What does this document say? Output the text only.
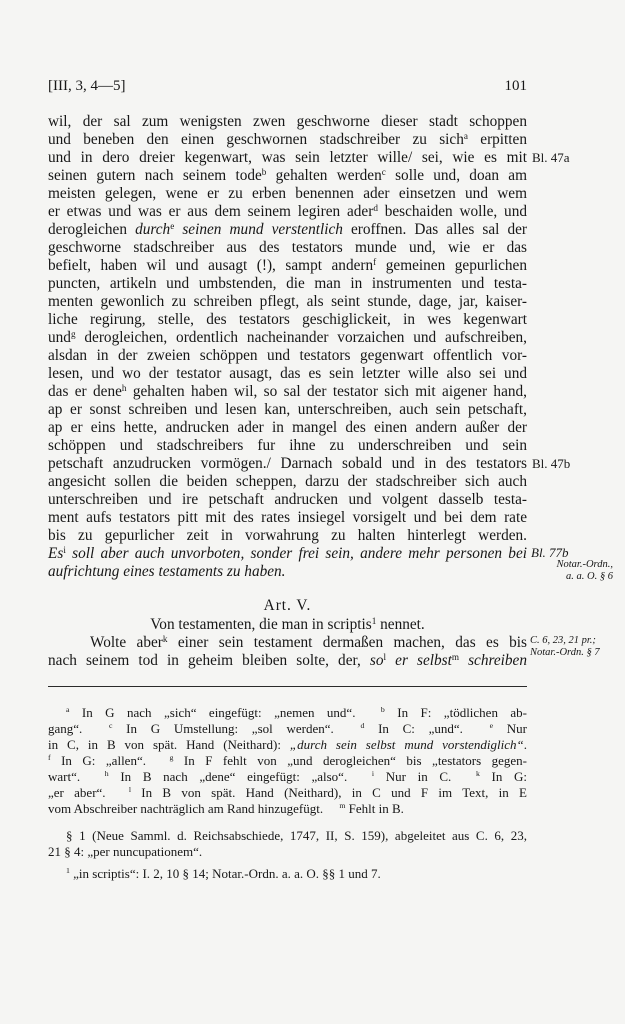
[III, 3, 4—5]	101
wil, der sal zum wenigsten zwen geschworne dieser stadt schoppen
und beneben den einen geschwornen stadschreiber zu sich$^a$ erpitten
und in dero dreier kegenwart, was sein letzter wille/ sei, wie es mit
seinen gutern nach seinem tode$^b$ gehalten werden$^c$ solle und, doan am
meisten gelegen, wene er zu erben benennen ader einsetzen und wem
er etwas und was er aus dem seinem legiren ader$^d$ beschaiden wolle, und
derogleichen durch$^e$ seinen mund verstentlich eroffnen. Das alles sal der
geschworne stadschreiber aus des testators munde und, wie er das
befielt, haben wil und ausagt (!), sampt andern$^f$ gemeinen gepurlichen
puncten, artikeln und umbstenden, die man in instrumenten und testa-
menten gewonlich zu schreiben pflegt, als seint stunde, dage, jar, kaiser-
liche regirung, stelle, des testators geschiglickeit, in wes kegenwart
und$^g$ derogleichen, ordentlich nacheinander vorzaichen und aufschreiben,
alsdan in der zweien schöppen und testators gegenwart offentlich vor-
lesen, und wo der testator ausagt, das es sein letzter wille also sei und
das er dene$^h$ gehalten haben wil, so sal der testator sich mit aigener hand,
ap er sonst schreiben und lesen kan, unterschreiben, auch sein petschaft,
ap er eins hette, andrucken ader in mangel des einen andern außer der
schöppen und stadschreibers fur ihne zu underschreiben und sein
petschaft anzudrucken vormögen./ Darnach sobald und in des testators
angesicht sollen die beiden scheppen, darzu der stadschreiber sich auch
unterschreiben und ire petschaft andrucken und volgent dasselb testa-
ment aufs testators pitt mit des rates insiegel vorsigelt und bei dem rate
bis zu gepurlicher zeit in vorwahrung zu halten hinterlegt werden.
Es$^i$ soll aber auch unvorboten, sonder frei sein, andere mehr personen bei
aufrichtung eines testaments zu haben.
Art. V.
Von testamenten, die man in scriptis$^1$ nennet.
Wolte aber$^k$ einer sein testament dermaßen machen, das es bis
nach seinem tod in geheim bleiben solte, der, so$^l$ er selbst$^m$ schreiben
Bl. 47a
Bl. 47b
Bl. 77b
Notar.-Ordn.,
a. a. O. § 6
C. 6, 23, 21 pr.;
Notar.-Ordn. § 7
$^a$ In G nach „sich“ eingefügt: „nemen und“.   $^b$ In F: „tödlichen ab-
gang“.   $^c$ In G Umstellung: „sol werden“.   $^d$ In C: „und“.   $^e$ Nur
in C, in B von spät. Hand (Neithard): „durch sein selbst mund vorstendiglich“.
$^f$ In G: „allen“.   $^g$ In F fehlt von „und derogleichen“ bis „testators gegen-
wart“.   $^h$ In B nach „dene“ eingefügt: „also“.   $^i$ Nur in C.   $^k$ In G:
„er aber“.   $^l$ In B von spät. Hand (Neithard), in C und F im Text, in E
vom Abschreiber nachträglich am Rand hinzugefügt.   $^m$ Fehlt in B.
§ 1 (Neue Samml. d. Reichsabschiede, 1747, II, S. 159), abgeleitet aus C. 6, 23,
21 § 4: „per nuncupationem“.
$^1$ „in scriptis“: I. 2, 10 § 14; Notar.-Ordn. a. a. O. §§ 1 und 7.
